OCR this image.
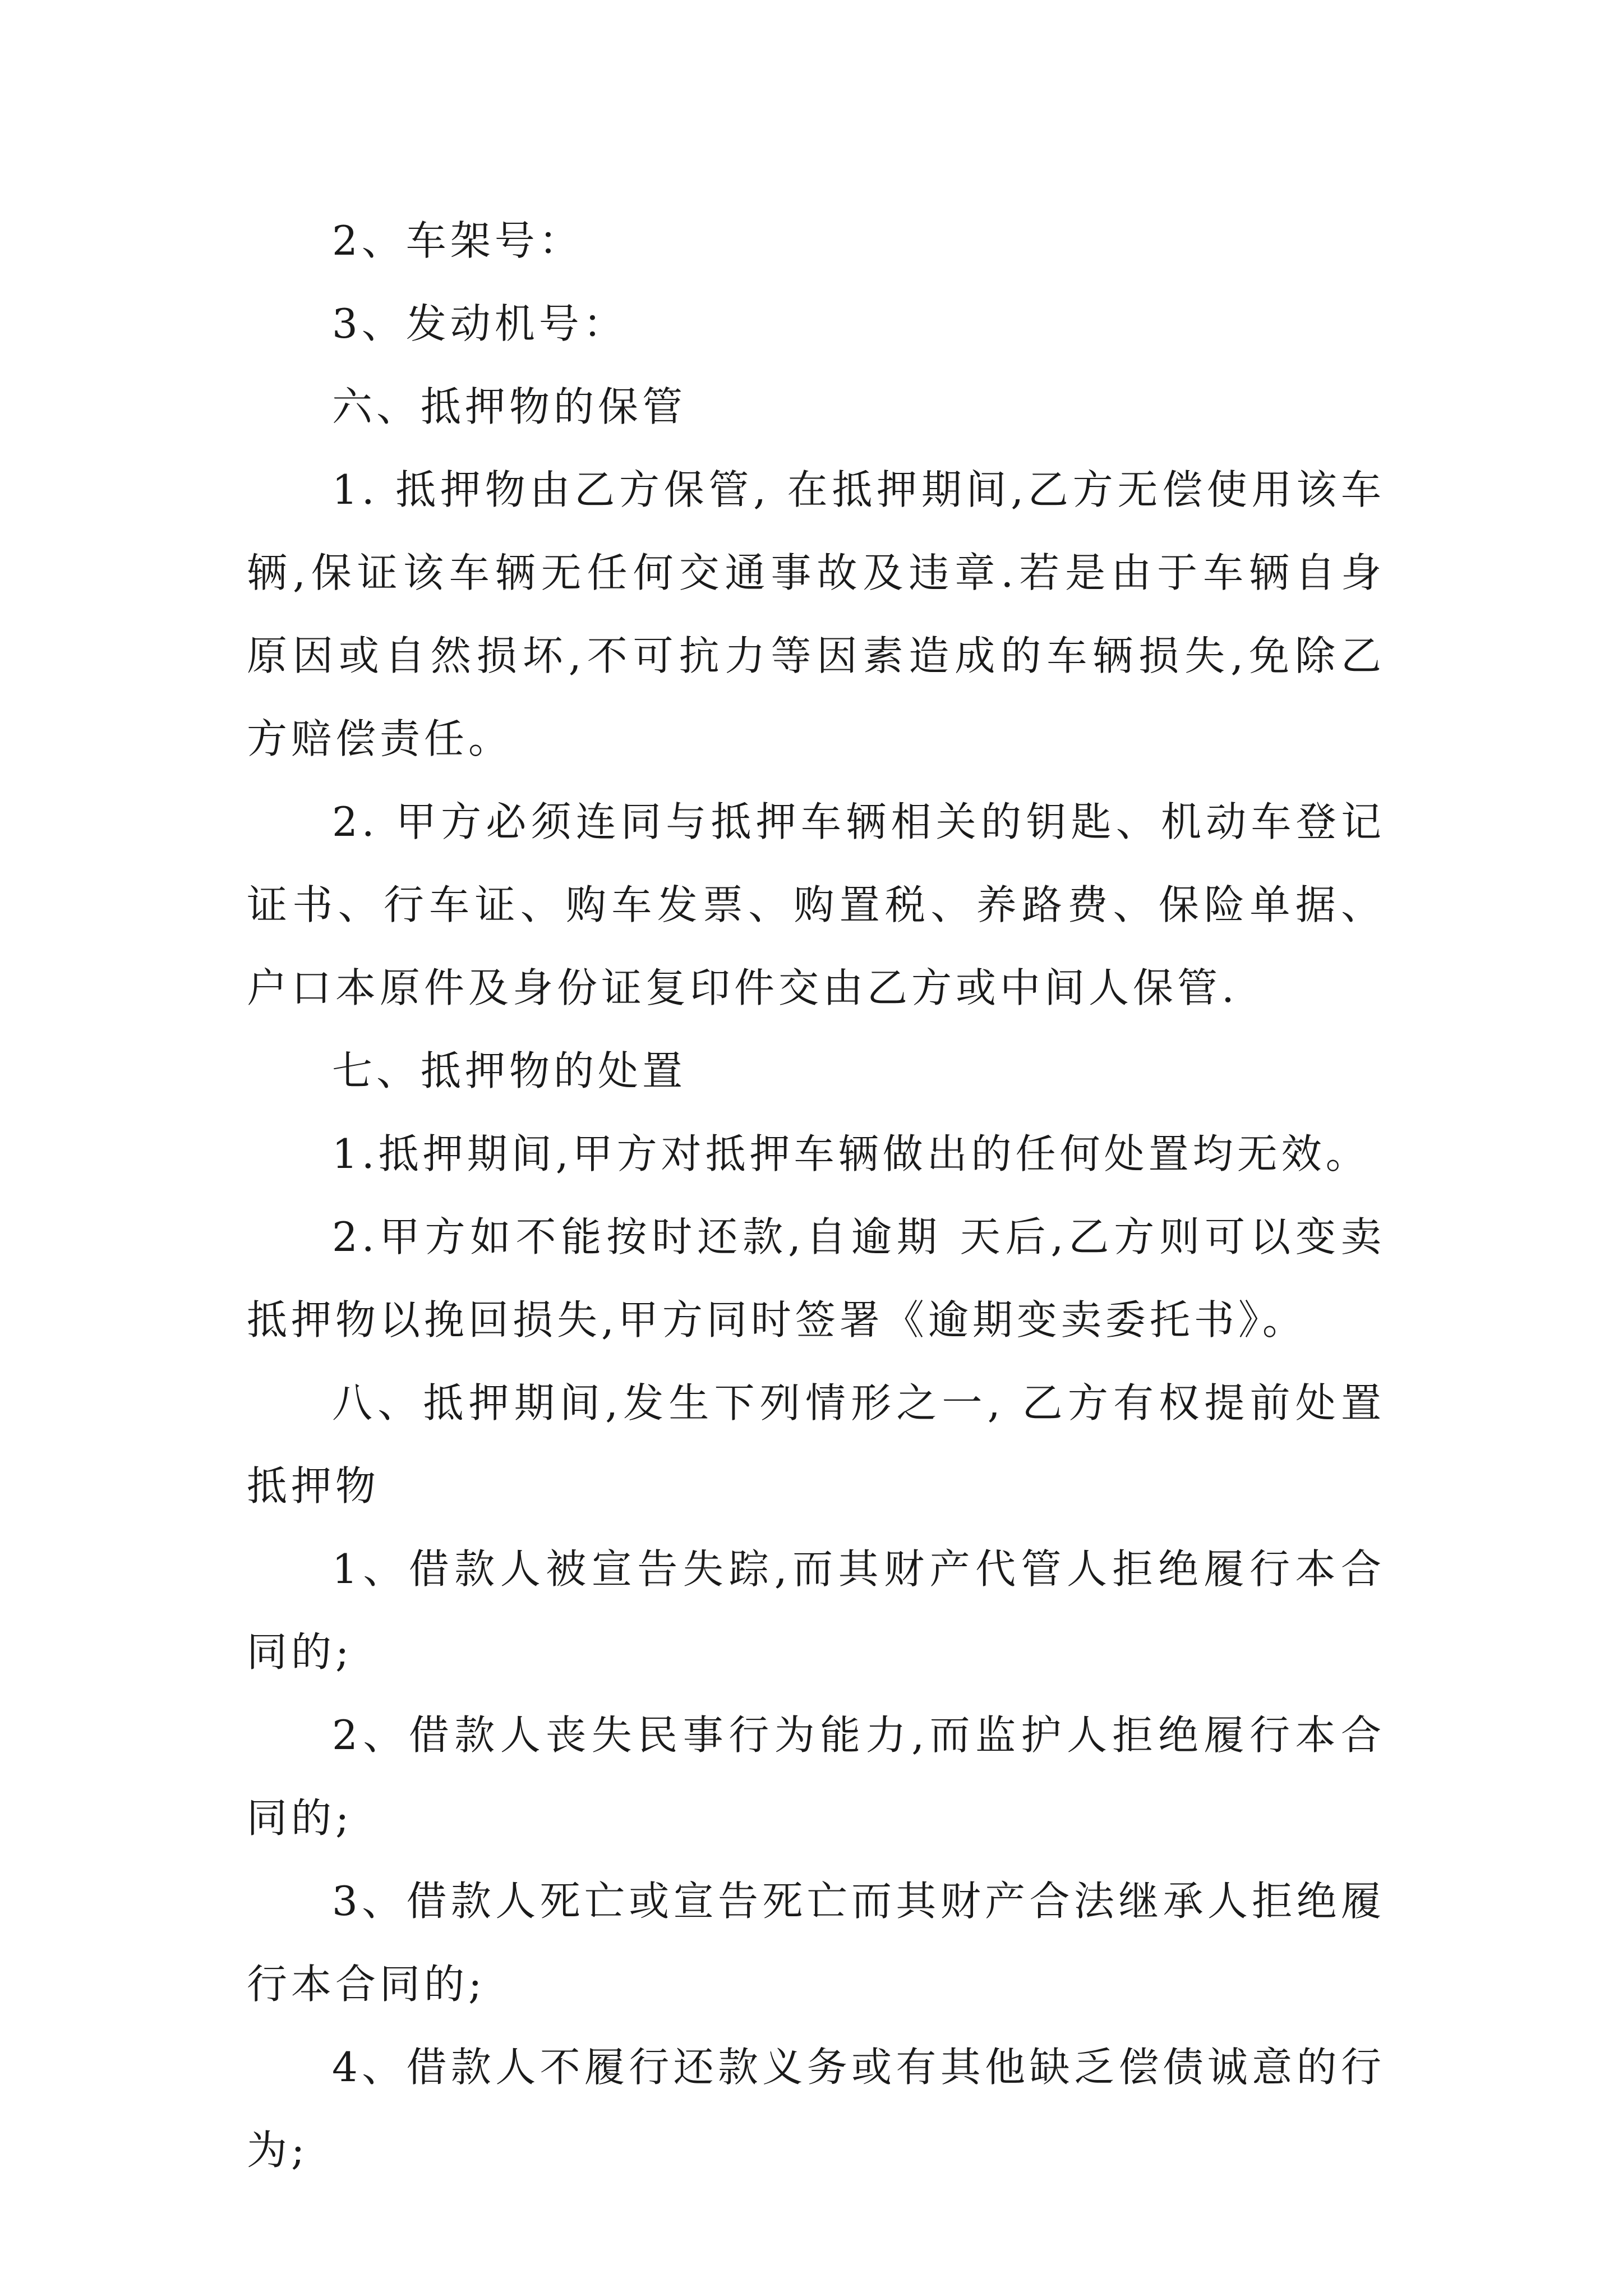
2、车架号：

3、发动机号：

六、抵押物的保管

1. 抵押物由乙方保管, 在抵押期间,乙方无偿使用该车辆,保证该车辆无任何交通事故及违章.若是由于车辆自身原因或自然损坏,不可抗力等因素造成的车辆损失,免除乙方赔偿责任。

2. 甲方必须连同与抵押车辆相关的钥匙、机动车登记证书、行车证、购车发票、购置税、养路费、保险单据、户口本原件及身份证复印件交由乙方或中间人保管.

七、抵押物的处置

1.抵押期间,甲方对抵押车辆做出的任何处置均无效。

2.甲方如不能按时还款,自逾期 天后,乙方则可以变卖抵押物以挽回损失,甲方同时签署《逾期变卖委托书》。

八、抵押期间,发生下列情形之一, 乙方有权提前处置抵押物

1、借款人被宣告失踪,而其财产代管人拒绝履行本合同的;

2、借款人丧失民事行为能力,而监护人拒绝履行本合同的;

3、借款人死亡或宣告死亡而其财产合法继承人拒绝履行本合同的;

4、借款人不履行还款义务或有其他缺乏偿债诚意的行为;
